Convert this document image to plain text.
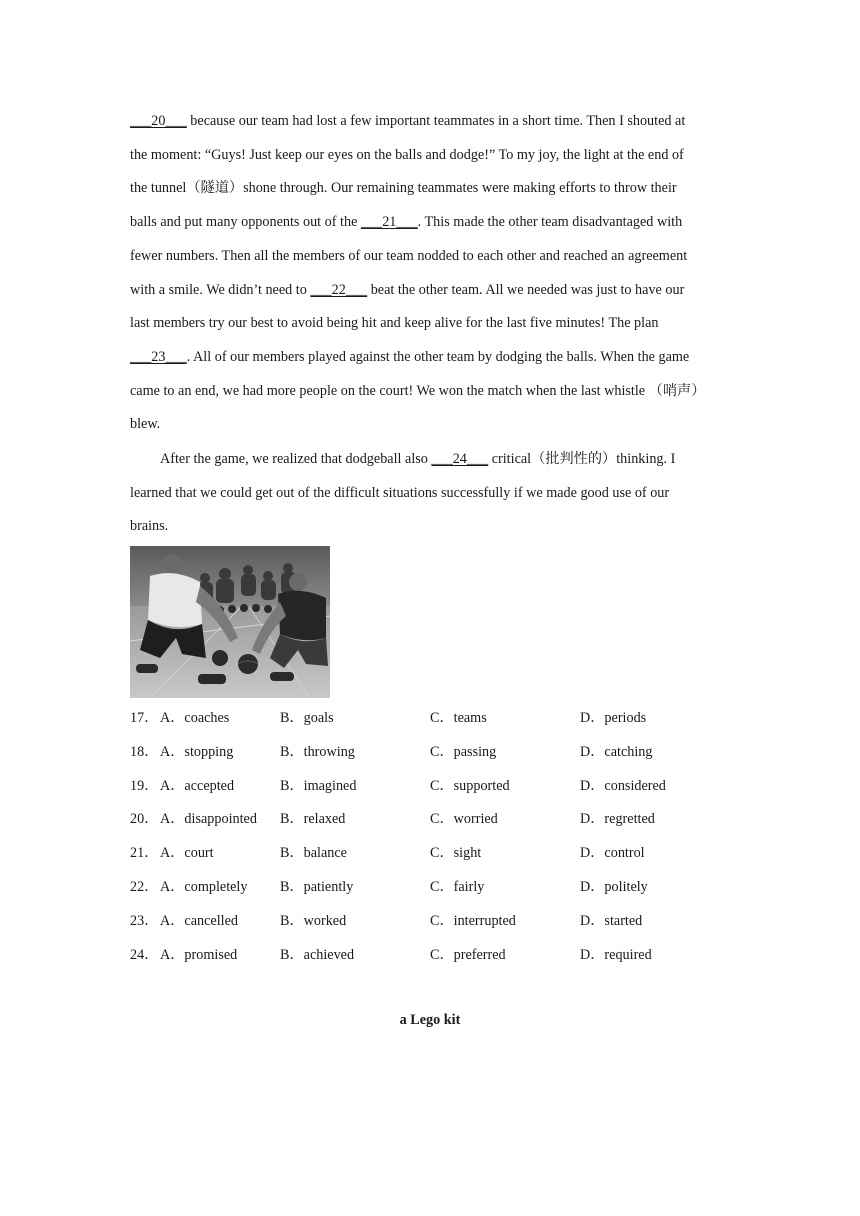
___20___ because our team had lost a few important teammates in a short time. Then I shouted at
the moment: “Guys! Just keep our eyes on the balls and dodge!” To my joy, the light at the end of
the tunnel（隧道）shone through. Our remaining teammates were making efforts to throw their
balls and put many opponents out of the ___21___. This made the other team disadvantaged with
fewer numbers. Then all the members of our team nodded to each other and reached an agreement
with a smile. We didn’t need to ___22___ beat the other team. All we needed was just to have our
last members try our best to avoid being hit and keep alive for the last five minutes! The plan
___23___. All of our members played against the other team by dodging the balls. When the game
came to an end, we had more people on the court! We won the match when the last whistle （哨声）
blew.

After the game, we realized that dodgeball also ___24___ critical（批判性的）thinking. I
learned that we could get out of the difficult situations successfully if we made good use of our
brains.

17． A．coaches	B．goals	C．teams	D．periods
18． A．stopping	B．throwing	C．passing	D．catching
19． A．accepted	B．imagined	C．supported	D．considered
20． A．disappointed B．relaxed	C．worried	D．regretted
21． A．court	B．balance	C．sight	D．control
22． A．completely B．patiently	C．fairly	D．politely
23． A．cancelled	B．worked	C．interrupted	D．started
24． A．promised	B．achieved	C．preferred	D．required
a Lego kit
